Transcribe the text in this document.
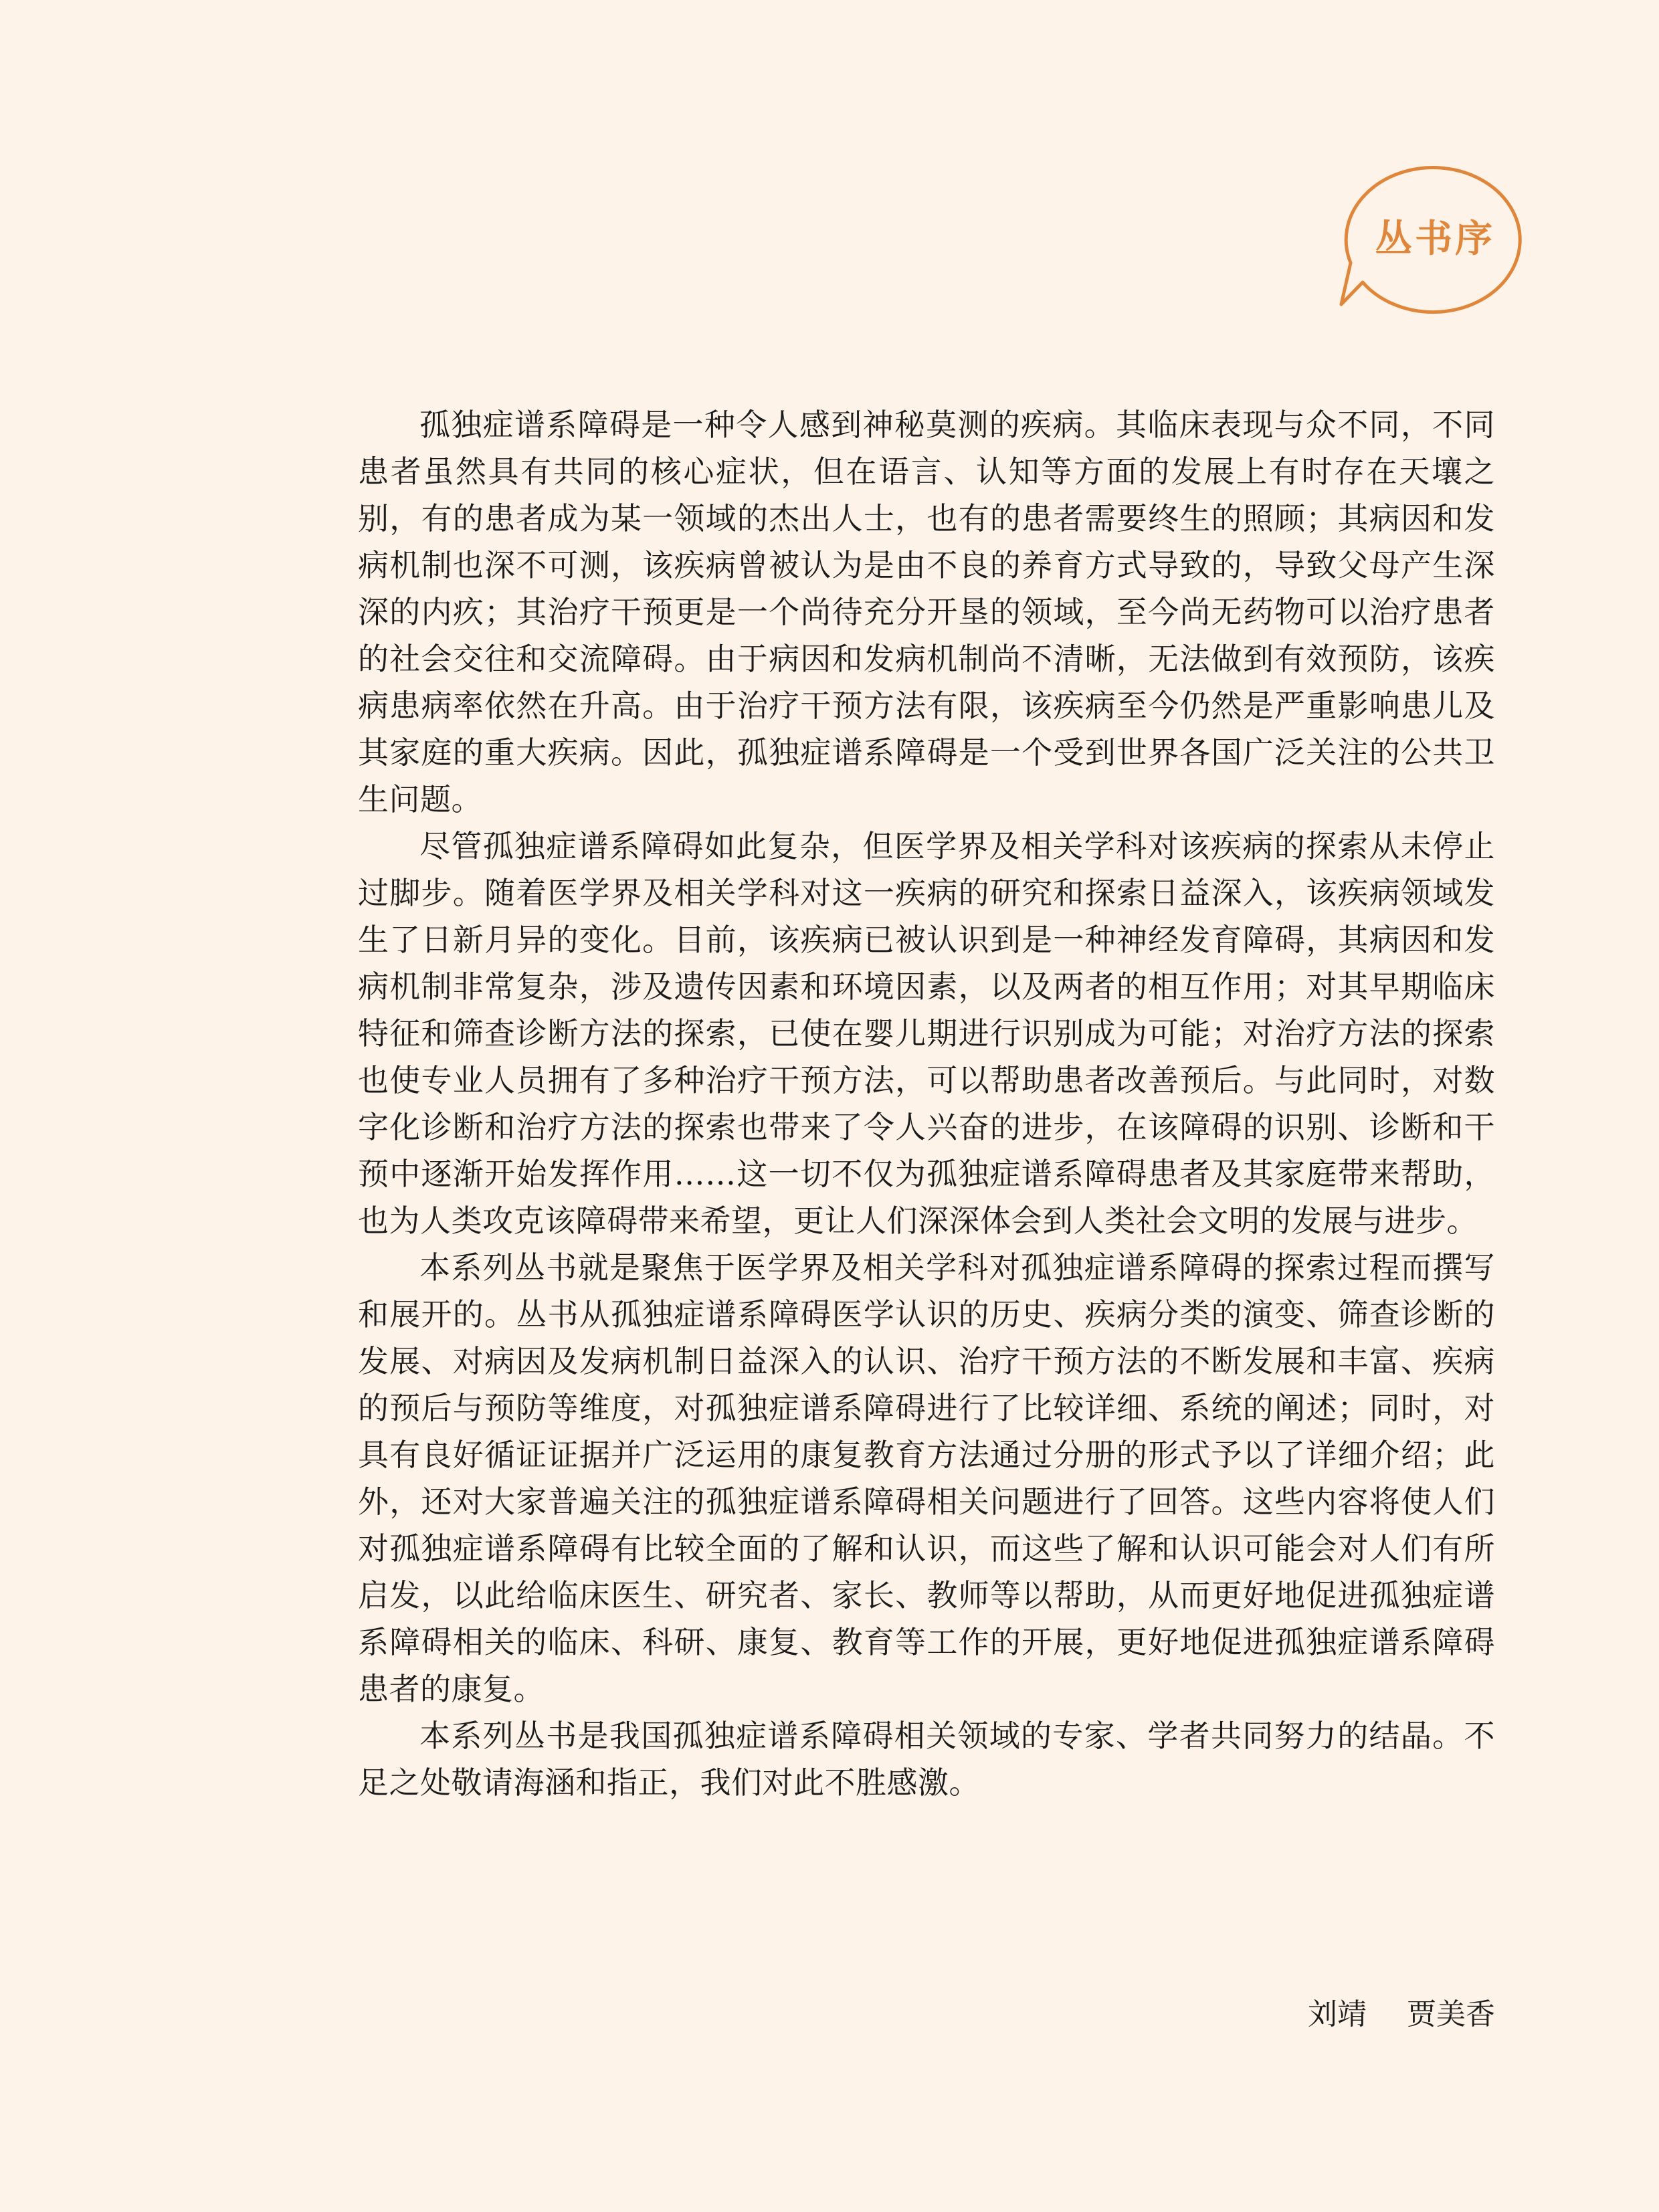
丛书序

孤独症谱系障碍是一种令人感到神秘莫测的疾病。其临床表现与众不同，不同患者虽然具有共同的核心症状，但在语言、认知等方面的发展上有时存在天壤之别，有的患者成为某一领域的杰出人士，也有的患者需要终生的照顾；其病因和发病机制也深不可测，该疾病曾被认为是由不良的养育方式导致的，导致父母产生深深的内疚；其治疗干预更是一个尚待充分开垦的领域，至今尚无药物可以治疗患者的社会交往和交流障碍。由于病因和发病机制尚不清晰，无法做到有效预防，该疾病患病率依然在升高。由于治疗干预方法有限，该疾病至今仍然是严重影响患儿及其家庭的重大疾病。因此，孤独症谱系障碍是一个受到世界各国广泛关注的公共卫生问题。

尽管孤独症谱系障碍如此复杂，但医学界及相关学科对该疾病的探索从未停止过脚步。随着医学界及相关学科对这一疾病的研究和探索日益深入，该疾病领域发生了日新月异的变化。目前，该疾病已被认识到是一种神经发育障碍，其病因和发病机制非常复杂，涉及遗传因素和环境因素，以及两者的相互作用；对其早期临床特征和筛查诊断方法的探索，已使在婴儿期进行识别成为可能；对治疗方法的探索也使专业人员拥有了多种治疗干预方法，可以帮助患者改善预后。与此同时，对数字化诊断和治疗方法的探索也带来了令人兴奋的进步，在该障碍的识别、诊断和干预中逐渐开始发挥作用……这一切不仅为孤独症谱系障碍患者及其家庭带来帮助，也为人类攻克该障碍带来希望，更让人们深深体会到人类社会文明的发展与进步。

本系列丛书就是聚焦于医学界及相关学科对孤独症谱系障碍的探索过程而撰写和展开的。丛书从孤独症谱系障碍医学认识的历史、疾病分类的演变、筛查诊断的发展、对病因及发病机制日益深入的认识、治疗干预方法的不断发展和丰富、疾病的预后与预防等维度，对孤独症谱系障碍进行了比较详细、系统的阐述；同时，对具有良好循证证据并广泛运用的康复教育方法通过分册的形式予以了详细介绍；此外，还对大家普遍关注的孤独症谱系障碍相关问题进行了回答。这些内容将使人们对孤独症谱系障碍有比较全面的了解和认识，而这些了解和认识可能会对人们有所启发，以此给临床医生、研究者、家长、教师等以帮助，从而更好地促进孤独症谱系障碍相关的临床、科研、康复、教育等工作的开展，更好地促进孤独症谱系障碍患者的康复。

本系列丛书是我国孤独症谱系障碍相关领域的专家、学者共同努力的结晶。不足之处敬请海涵和指正，我们对此不胜感激。

刘靖 贾美香
